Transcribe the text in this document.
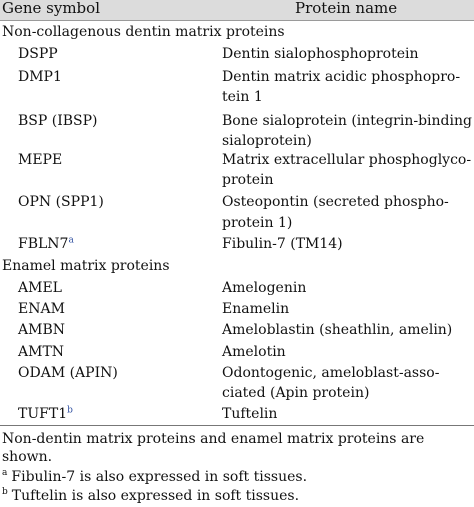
Gene symbol	Protein name
Non-collagenous dentin matrix proteins
DSPP	Dentin sialophosphoprotein
DMP1	Dentin matrix acidic phosphopro-
tein 1
BSP (IBSP)	Bone sialoprotein (integrin-binding
sialoprotein)
MEPE	Matrix extracellular phosphoglyco-
protein
OPN (SPP1)	Osteopontin (secreted phospho-
protein 1)
FBLN7$^a$	Fibulin-7 (TM14)
Enamel matrix proteins
AMEL	Amelogenin
ENAM	Enamelin
AMBN	Ameloblastin (sheathlin, amelin)
AMTN	Amelotin
ODAM (APIN)	Odontogenic, ameloblast-asso-
ciated (Apin protein)
TUFT1$^b$	Tuftelin
Non-dentin matrix proteins and enamel matrix proteins are
shown.
$^a$ Fibulin-7 is also expressed in soft tissues.
$^b$ Tuftelin is also expressed in soft tissues.
